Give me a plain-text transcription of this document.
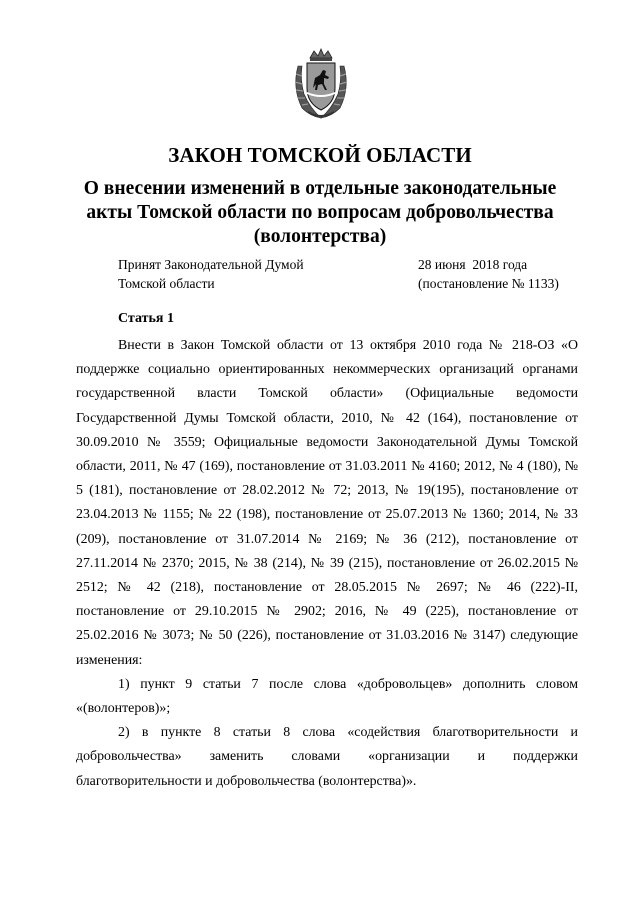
ЗАКОН ТОМСКОЙ ОБЛАСТИ
О внесении изменений в отдельные законодательные
акты Томской области по вопросам добровольчества
(волонтерства)
Принят Законодательной Думой
Томской области
28 июня  2018 года
(постановление № 1133)
Статья 1

Внести в Закон Томской области от 13 октября 2010 года № 218-ОЗ «О поддержке социально ориентированных некоммерческих организаций органами государственной власти Томской области» (Официальные ведомости Государственной Думы Томской области, 2010, № 42 (164), постановление от 30.09.2010 № 3559; Официальные ведомости Законодательной Думы Томской области, 2011, № 47 (169), постановление от 31.03.2011 № 4160; 2012, № 4 (180), № 5 (181), постановление от 28.02.2012 № 72; 2013, № 19(195), постановление от 23.04.2013 № 1155; № 22 (198), постановление от 25.07.2013 № 1360; 2014, № 33 (209), постановление от 31.07.2014 № 2169; № 36 (212), постановление от 27.11.2014 № 2370; 2015, № 38 (214), № 39 (215), постановление от 26.02.2015 № 2512; № 42 (218), постановление от 28.05.2015 № 2697; № 46 (222)-II, постановление от 29.10.2015 № 2902; 2016, № 49 (225), постановление от 25.02.2016 № 3073; № 50 (226), постановление от 31.03.2016 № 3147) следующие изменения:

1) пункт 9 статьи 7 после слова «добровольцев» дополнить словом «(волонтеров)»;

2) в пункте 8 статьи 8 слова «содействия благотворительности и добровольчества» заменить словами «организации и поддержки благотворительности и добровольчества (волонтерства)».
